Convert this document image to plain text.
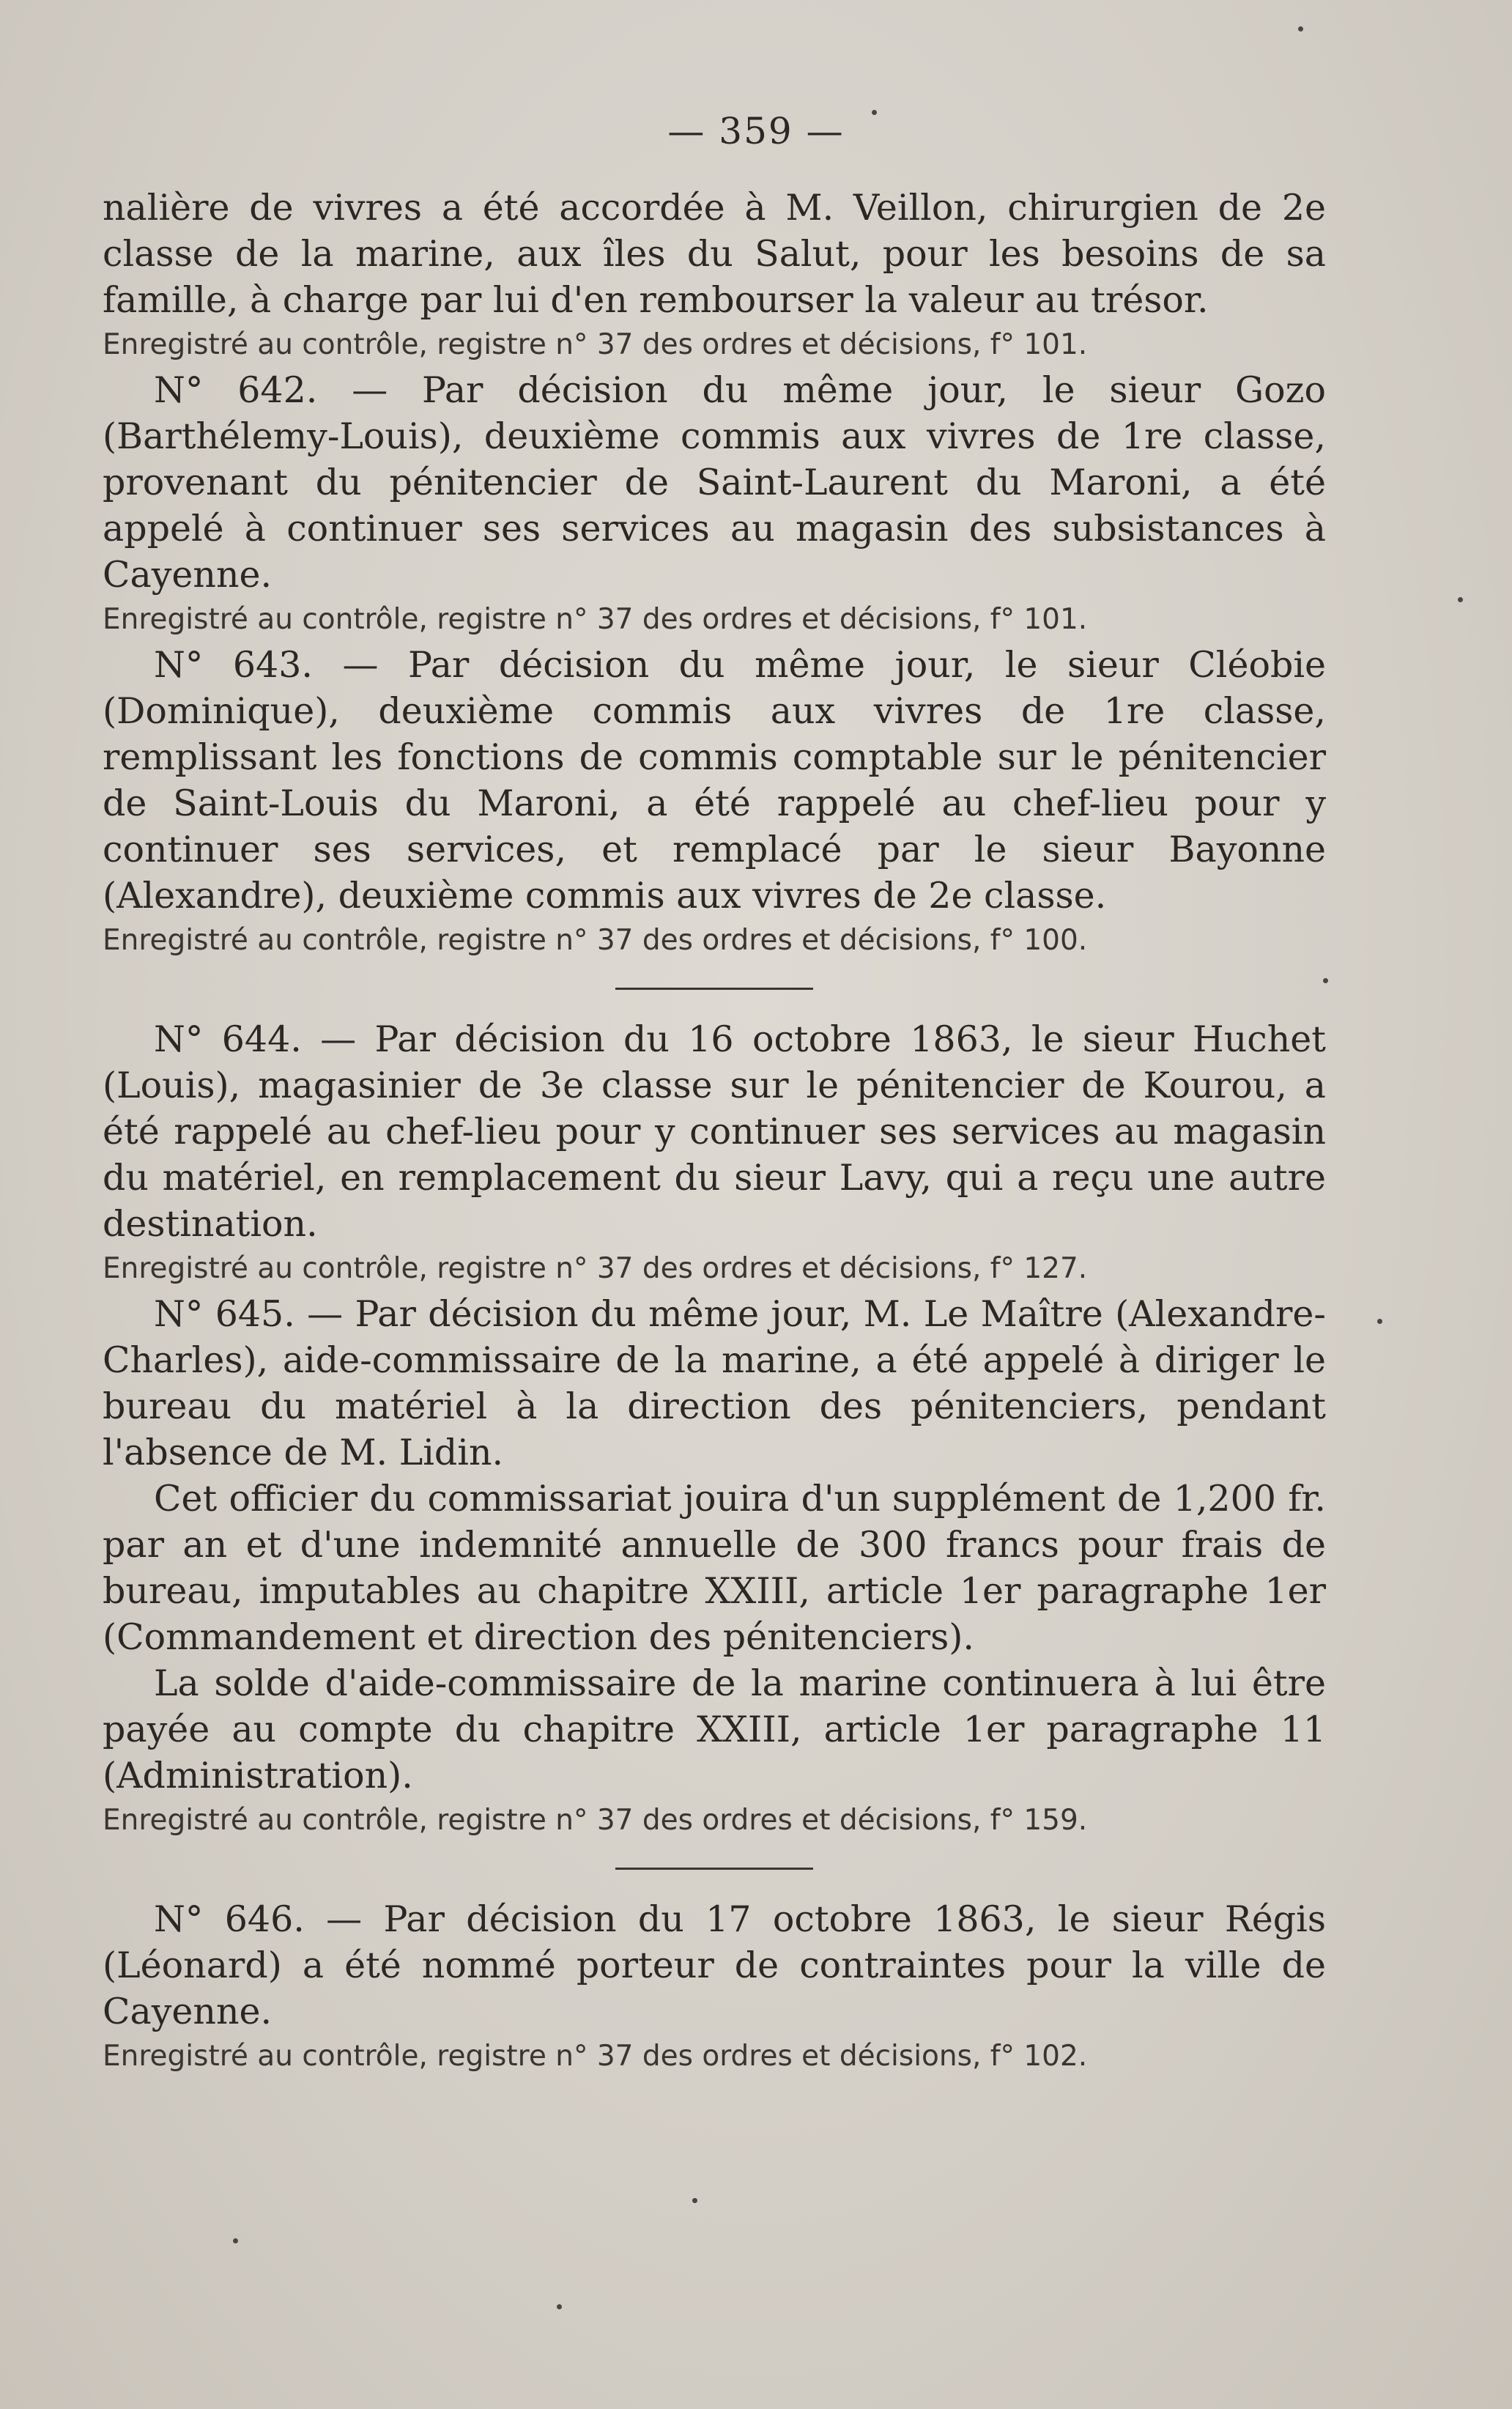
— 359 —

nalière de vivres a été accordée à M. Veillon, chirurgien de 2e classe de la marine, aux îles du Salut, pour les besoins de sa famille, à charge par lui d'en rembourser la valeur au trésor.

Enregistré au contrôle, registre n° 37 des ordres et décisions, f° 101.

N° 642. — Par décision du même jour, le sieur Gozo (Barthélemy-Louis), deuxième commis aux vivres de 1re classe, provenant du pénitencier de Saint-Laurent du Maroni, a été appelé à continuer ses services au magasin des subsistances à Cayenne.

Enregistré au contrôle, registre n° 37 des ordres et décisions, f° 101.

N° 643. — Par décision du même jour, le sieur Cléobie (Dominique), deuxième commis aux vivres de 1re classe, remplissant les fonctions de commis comptable sur le pénitencier de Saint-Louis du Maroni, a été rappelé au chef-lieu pour y continuer ses services, et remplacé par le sieur Bayonne (Alexandre), deuxième commis aux vivres de 2e classe.

Enregistré au contrôle, registre n° 37 des ordres et décisions, f° 100.

N° 644. — Par décision du 16 octobre 1863, le sieur Huchet (Louis), magasinier de 3e classe sur le pénitencier de Kourou, a été rappelé au chef-lieu pour y continuer ses services au magasin du matériel, en remplacement du sieur Lavy, qui a reçu une autre destination.

Enregistré au contrôle, registre n° 37 des ordres et décisions, f° 127.

N° 645. — Par décision du même jour, M. Le Maître (Alexandre-Charles), aide-commissaire de la marine, a été appelé à diriger le bureau du matériel à la direction des pénitenciers, pendant l'absence de M. Lidin.

Cet officier du commissariat jouira d'un supplément de 1,200 fr. par an et d'une indemnité annuelle de 300 francs pour frais de bureau, imputables au chapitre XXIII, article 1er paragraphe 1er (Commandement et direction des pénitenciers).

La solde d'aide-commissaire de la marine continuera à lui être payée au compte du chapitre XXIII, article 1er paragraphe 11 (Administration).

Enregistré au contrôle, registre n° 37 des ordres et décisions, f° 159.

N° 646. — Par décision du 17 octobre 1863, le sieur Régis (Léonard) a été nommé porteur de contraintes pour la ville de Cayenne.

Enregistré au contrôle, registre n° 37 des ordres et décisions, f° 102.
